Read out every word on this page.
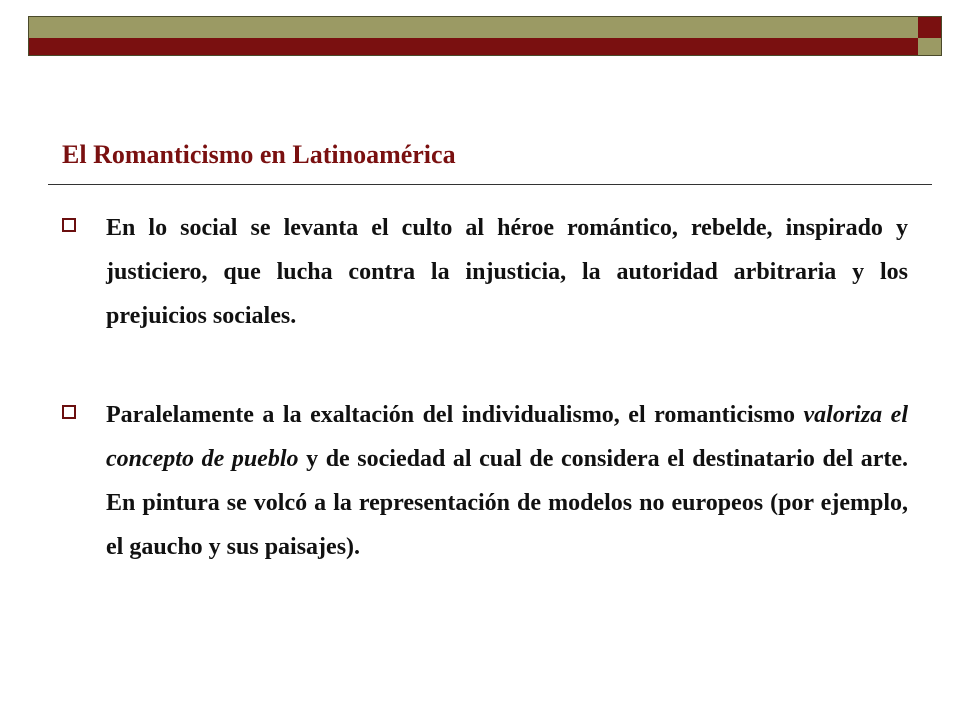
El Romanticismo en Latinoamérica
En lo social se levanta el culto al héroe romántico, rebelde, inspirado y justiciero, que lucha contra la injusticia, la autoridad arbitraria y los prejuicios sociales.
Paralelamente a la exaltación del individualismo, el romanticismo valoriza el concepto de pueblo y de sociedad al cual de considera el destinatario del arte. En pintura se volcó a la representación de modelos no europeos (por ejemplo, el gaucho y sus paisajes).
